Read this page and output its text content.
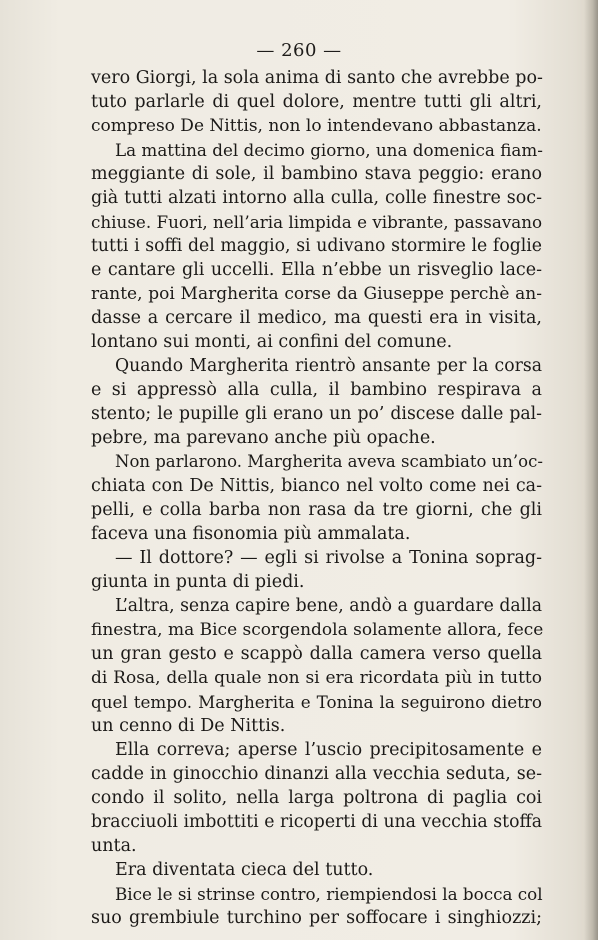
— 260 —
vero Giorgi, la sola anima di santo che avrebbe po-
tuto parlarle di quel dolore, mentre tutti gli altri,
compreso De Nittis, non lo intendevano abbastanza.
La mattina del decimo giorno, una domenica fiam-
meggiante di sole, il bambino stava peggio: erano
già tutti alzati intorno alla culla, colle finestre soc-
chiuse. Fuori, nell’aria limpida e vibrante, passavano
tutti i soffi del maggio, si udivano stormire le foglie
e cantare gli uccelli. Ella n’ebbe un risveglio lace-
rante, poi Margherita corse da Giuseppe perchè an-
dasse a cercare il medico, ma questi era in visita,
lontano sui monti, ai confini del comune.
Quando Margherita rientrò ansante per la corsa
e si appressò alla culla, il bambino respirava a
stento; le pupille gli erano un po’ discese dalle pal-
pebre, ma parevano anche più opache.
Non parlarono. Margherita aveva scambiato un’oc-
chiata con De Nittis, bianco nel volto come nei ca-
pelli, e colla barba non rasa da tre giorni, che gli
faceva una fisonomia più ammalata.
— Il dottore? — egli si rivolse a Tonina soprag-
giunta in punta di piedi.
L’altra, senza capire bene, andò a guardare dalla
finestra, ma Bice scorgendola solamente allora, fece
un gran gesto e scappò dalla camera verso quella
di Rosa, della quale non si era ricordata più in tutto
quel tempo. Margherita e Tonina la seguirono dietro
un cenno di De Nittis.
Ella correva; aperse l’uscio precipitosamente e
cadde in ginocchio dinanzi alla vecchia seduta, se-
condo il solito, nella larga poltrona di paglia coi
bracciuoli imbottiti e ricoperti di una vecchia stoffa
unta.
Era diventata cieca del tutto.
Bice le si strinse contro, riempiendosi la bocca col
suo grembiule turchino per soffocare i singhiozzi;
